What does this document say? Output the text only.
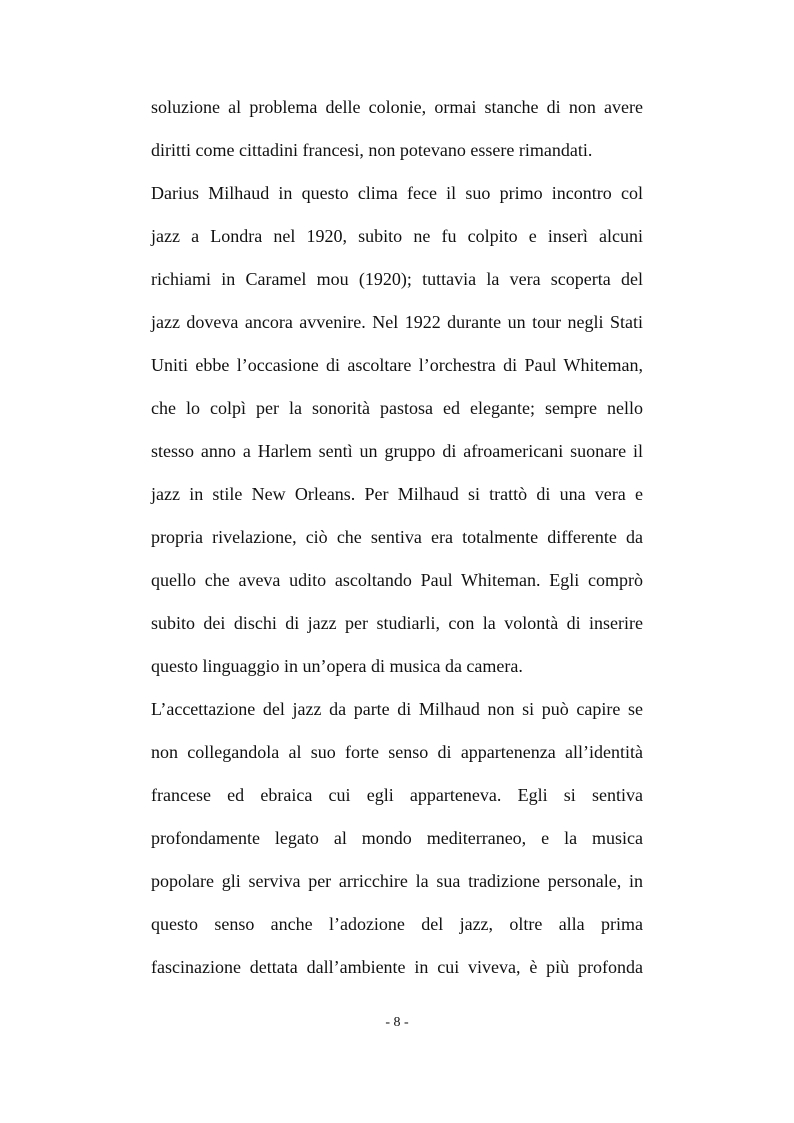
soluzione al problema delle colonie, ormai stanche di non avere
diritti come cittadini francesi, non potevano essere rimandati.
Darius Milhaud in questo clima fece il suo primo incontro col
jazz a Londra nel 1920, subito ne fu colpito e inserì alcuni
richiami in Caramel mou (1920); tuttavia la vera scoperta del
jazz doveva ancora avvenire. Nel 1922 durante un tour negli Stati
Uniti ebbe l’occasione di ascoltare l’orchestra di Paul Whiteman,
che lo colpì per la sonorità pastosa ed elegante; sempre nello
stesso anno a Harlem sentì un gruppo di afroamericani suonare il
jazz in stile New Orleans. Per Milhaud si trattò di una vera e
propria rivelazione, ciò che sentiva era totalmente differente da
quello che aveva udito ascoltando Paul Whiteman. Egli comprò
subito dei dischi di jazz per studiarli, con la volontà di inserire
questo linguaggio in un’opera di musica da camera.
L’accettazione del jazz da parte di Milhaud non si può capire se
non collegandola al suo forte senso di appartenenza all’identità
francese ed ebraica cui egli apparteneva. Egli si sentiva
profondamente legato al mondo mediterraneo, e la musica
popolare gli serviva per arricchire la sua tradizione personale, in
questo senso anche l’adozione del jazz, oltre alla prima
fascinazione dettata dall’ambiente in cui viveva, è più profonda
- 8 -
